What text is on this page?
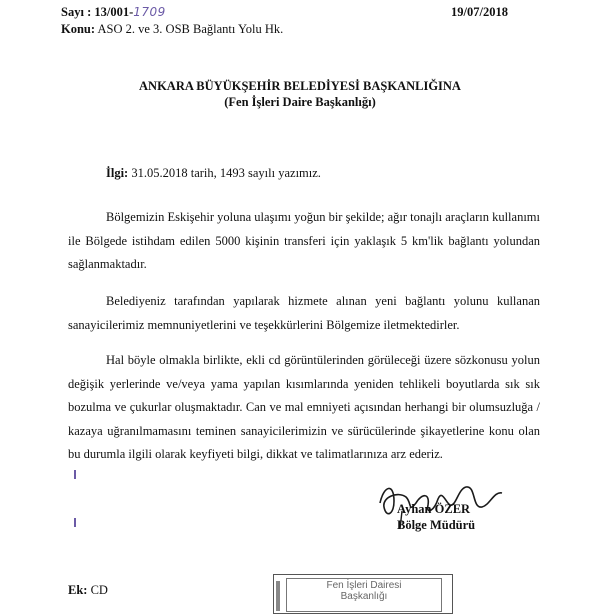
Sayı : 13/001-1709	19/07/2018
Konu: ASO 2. ve 3. OSB Bağlantı Yolu Hk.
ANKARA BÜYÜKŞEHİR BELEDİYESİ BAŞKANLIĞINA
(Fen İşleri Daire Başkanlığı)
İlgi: 31.05.2018 tarih, 1493 sayılı yazımız.
Bölgemizin Eskişehir yoluna ulaşımı yoğun bir şekilde; ağır tonajlı araçların kullanımı ile Bölgede istihdam edilen 5000 kişinin transferi için yaklaşık 5 km'lik bağlantı yolundan sağlanmaktadır.
Belediyeniz tarafından yapılarak hizmete alınan yeni bağlantı yolunu kullanan sanayicilerimiz memnuniyetlerini ve teşekkürlerini Bölgemize iletmektedirler.
Hal böyle olmakla birlikte, ekli cd görüntülerinden görüleceği üzere sözkonusu yolun değişik yerlerinde ve/veya yama yapılan kısımlarında yeniden tehlikeli boyutlarda sık sık bozulma ve çukurlar oluşmaktadır. Can ve mal emniyeti açısından herhangi bir olumsuzluğa / kazaya uğranılmamasını teminen sanayicilerimizin ve sürücülerinde şikayetlerine konu olan bu durumla ilgili olarak keyfiyeti bilgi, dikkat ve talimatlarınıza arz ederiz.
Ayhan ÖZER
Bölge Müdürü
Ek: CD	Fen İşleri Dairesi
Başkanlığı
